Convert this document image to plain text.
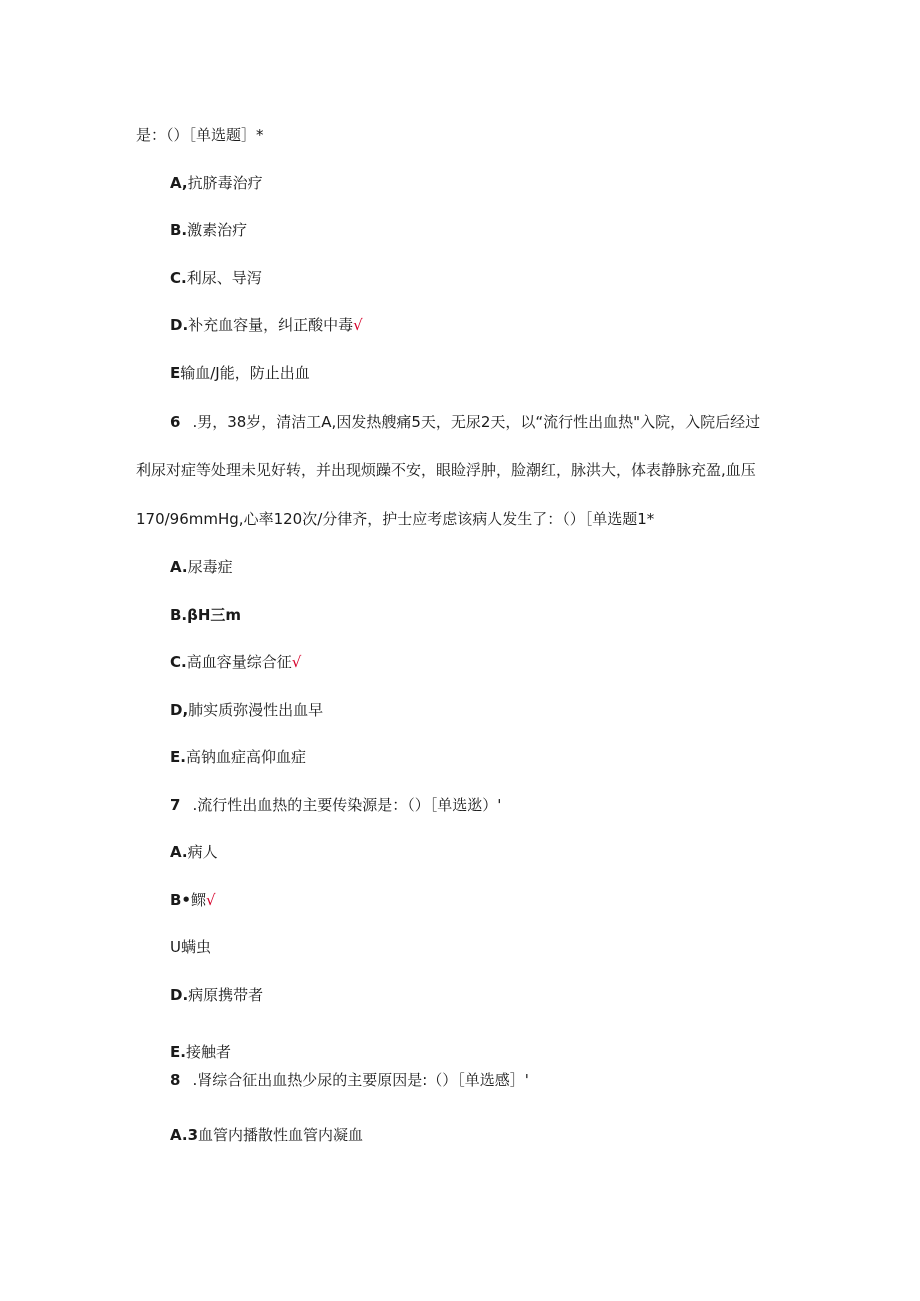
是：（）［单选题］*
A,抗脐毒治疗
B.激素治疗
C.利尿、导泻
D.补充血容量，纠正酸中毒√
E输血/J能，防止出血
6 .男，38岁，清洁工A,因发热艘痛5天，无尿2天，以“流行性出血热"入院，入院后经过
利尿对症等处理未见好转，并出现烦躁不安，眼睑浮肿，脸潮红，脉洪大，体表静脉充盈,血压
170/96mmHg,心率120次/分律齐，护士应考虑该病人发生了：（）［单选题1*
A.尿毒症
B.βH三m
C.高血容量综合征√
D,肺实质弥漫性出血早
E.高钠血症高仰血症
7 .流行性出血热的主要传染源是：（）［单选逖）'
A.病人
B•鳏√
U螨虫
D.病原携带者
E.接触者
8 .肾综合征出血热少尿的主要原因是:（）［单选感］'
A.3血管内播散性血管内凝血
